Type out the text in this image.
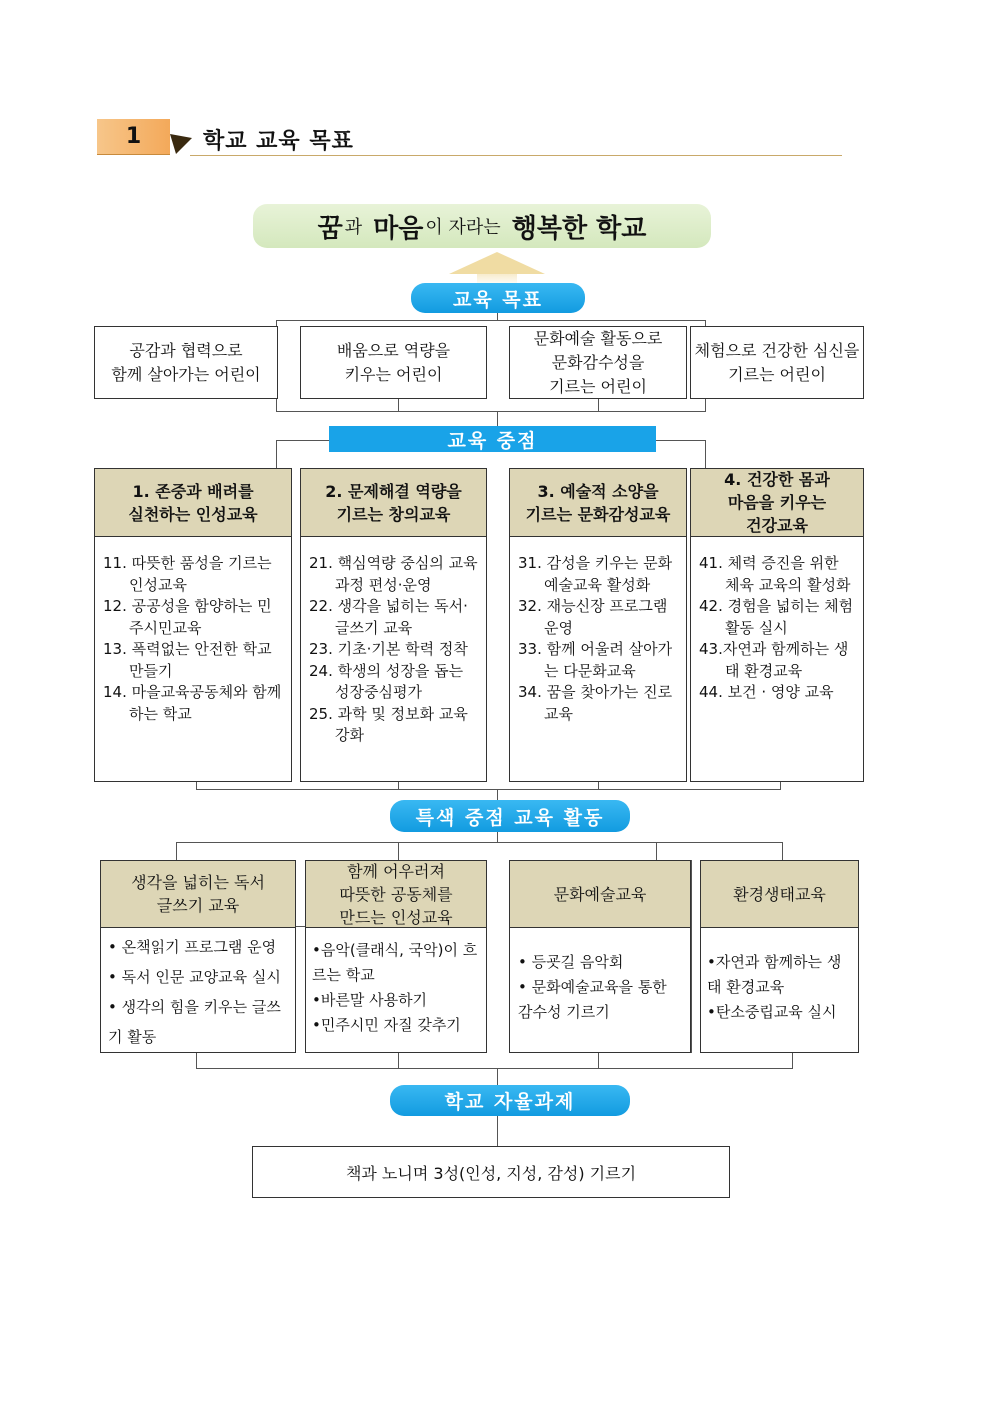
1	학교 교육 목표
꿈 과
마음 이 자라는
행복한 학교
교육 목표
공감과 협력으로
함께 살아가는 어린이
배움으로 역량을
키우는 어린이
문화예술 활동으로
문화감수성을
기르는 어린이
체험으로 건강한 심신을
기르는 어린이
교육 중점
1. 존중과 배려를
실천하는 인성교육
11. 따뜻한 품성을 기르는 인성교육
12. 공공성을 함양하는 민주시민교육
13. 폭력없는 안전한 학교 만들기
14. 마을교육공동체와 함께 하는 학교
2. 문제해결 역량을
기르는 창의교육
21. 핵심역량 중심의 교육과정 편성·운영
22. 생각을 넓히는 독서·글쓰기 교육
23. 기초·기본 학력 정착
24. 학생의 성장을 돕는 성장중심평가
25. 과학 및 정보화 교육 강화
3. 예술적 소양을
기르는 문화감성교육
31. 감성을 키우는 문화예술교육 활성화
32. 재능신장 프로그램 운영
33. 함께 어울려 살아가는 다문화교육
34. 꿈을 찾아가는 진로교육
4. 건강한 몸과
마음을 키우는
건강교육
41. 체력 증진을 위한 체육 교육의 활성화
42. 경험을 넓히는 체험활동 실시
43.자연과 함께하는 생태 환경교육
44. 보건 · 영양 교육
특색 중점 교육 활동
생각을 넓히는 독서
글쓰기 교육
• 온책읽기 프로그램 운영
• 독서 인문 교양교육 실시
• 생각의 힘을 키우는 글쓰기 활동
함께 어우러져
따뜻한 공동체를
만드는 인성교육
•음악(클래식, 국악)이 흐르는 학교
•바른말 사용하기
•민주시민 자질 갖추기
문화예술교육
• 등굣길 음악회
• 문화예술교육을 통한 감수성 기르기
환경생태교육
•자연과 함께하는 생태 환경교육
•탄소중립교육 실시
학교 자율과제
책과 노니며 3성(인성, 지성, 감성) 기르기
